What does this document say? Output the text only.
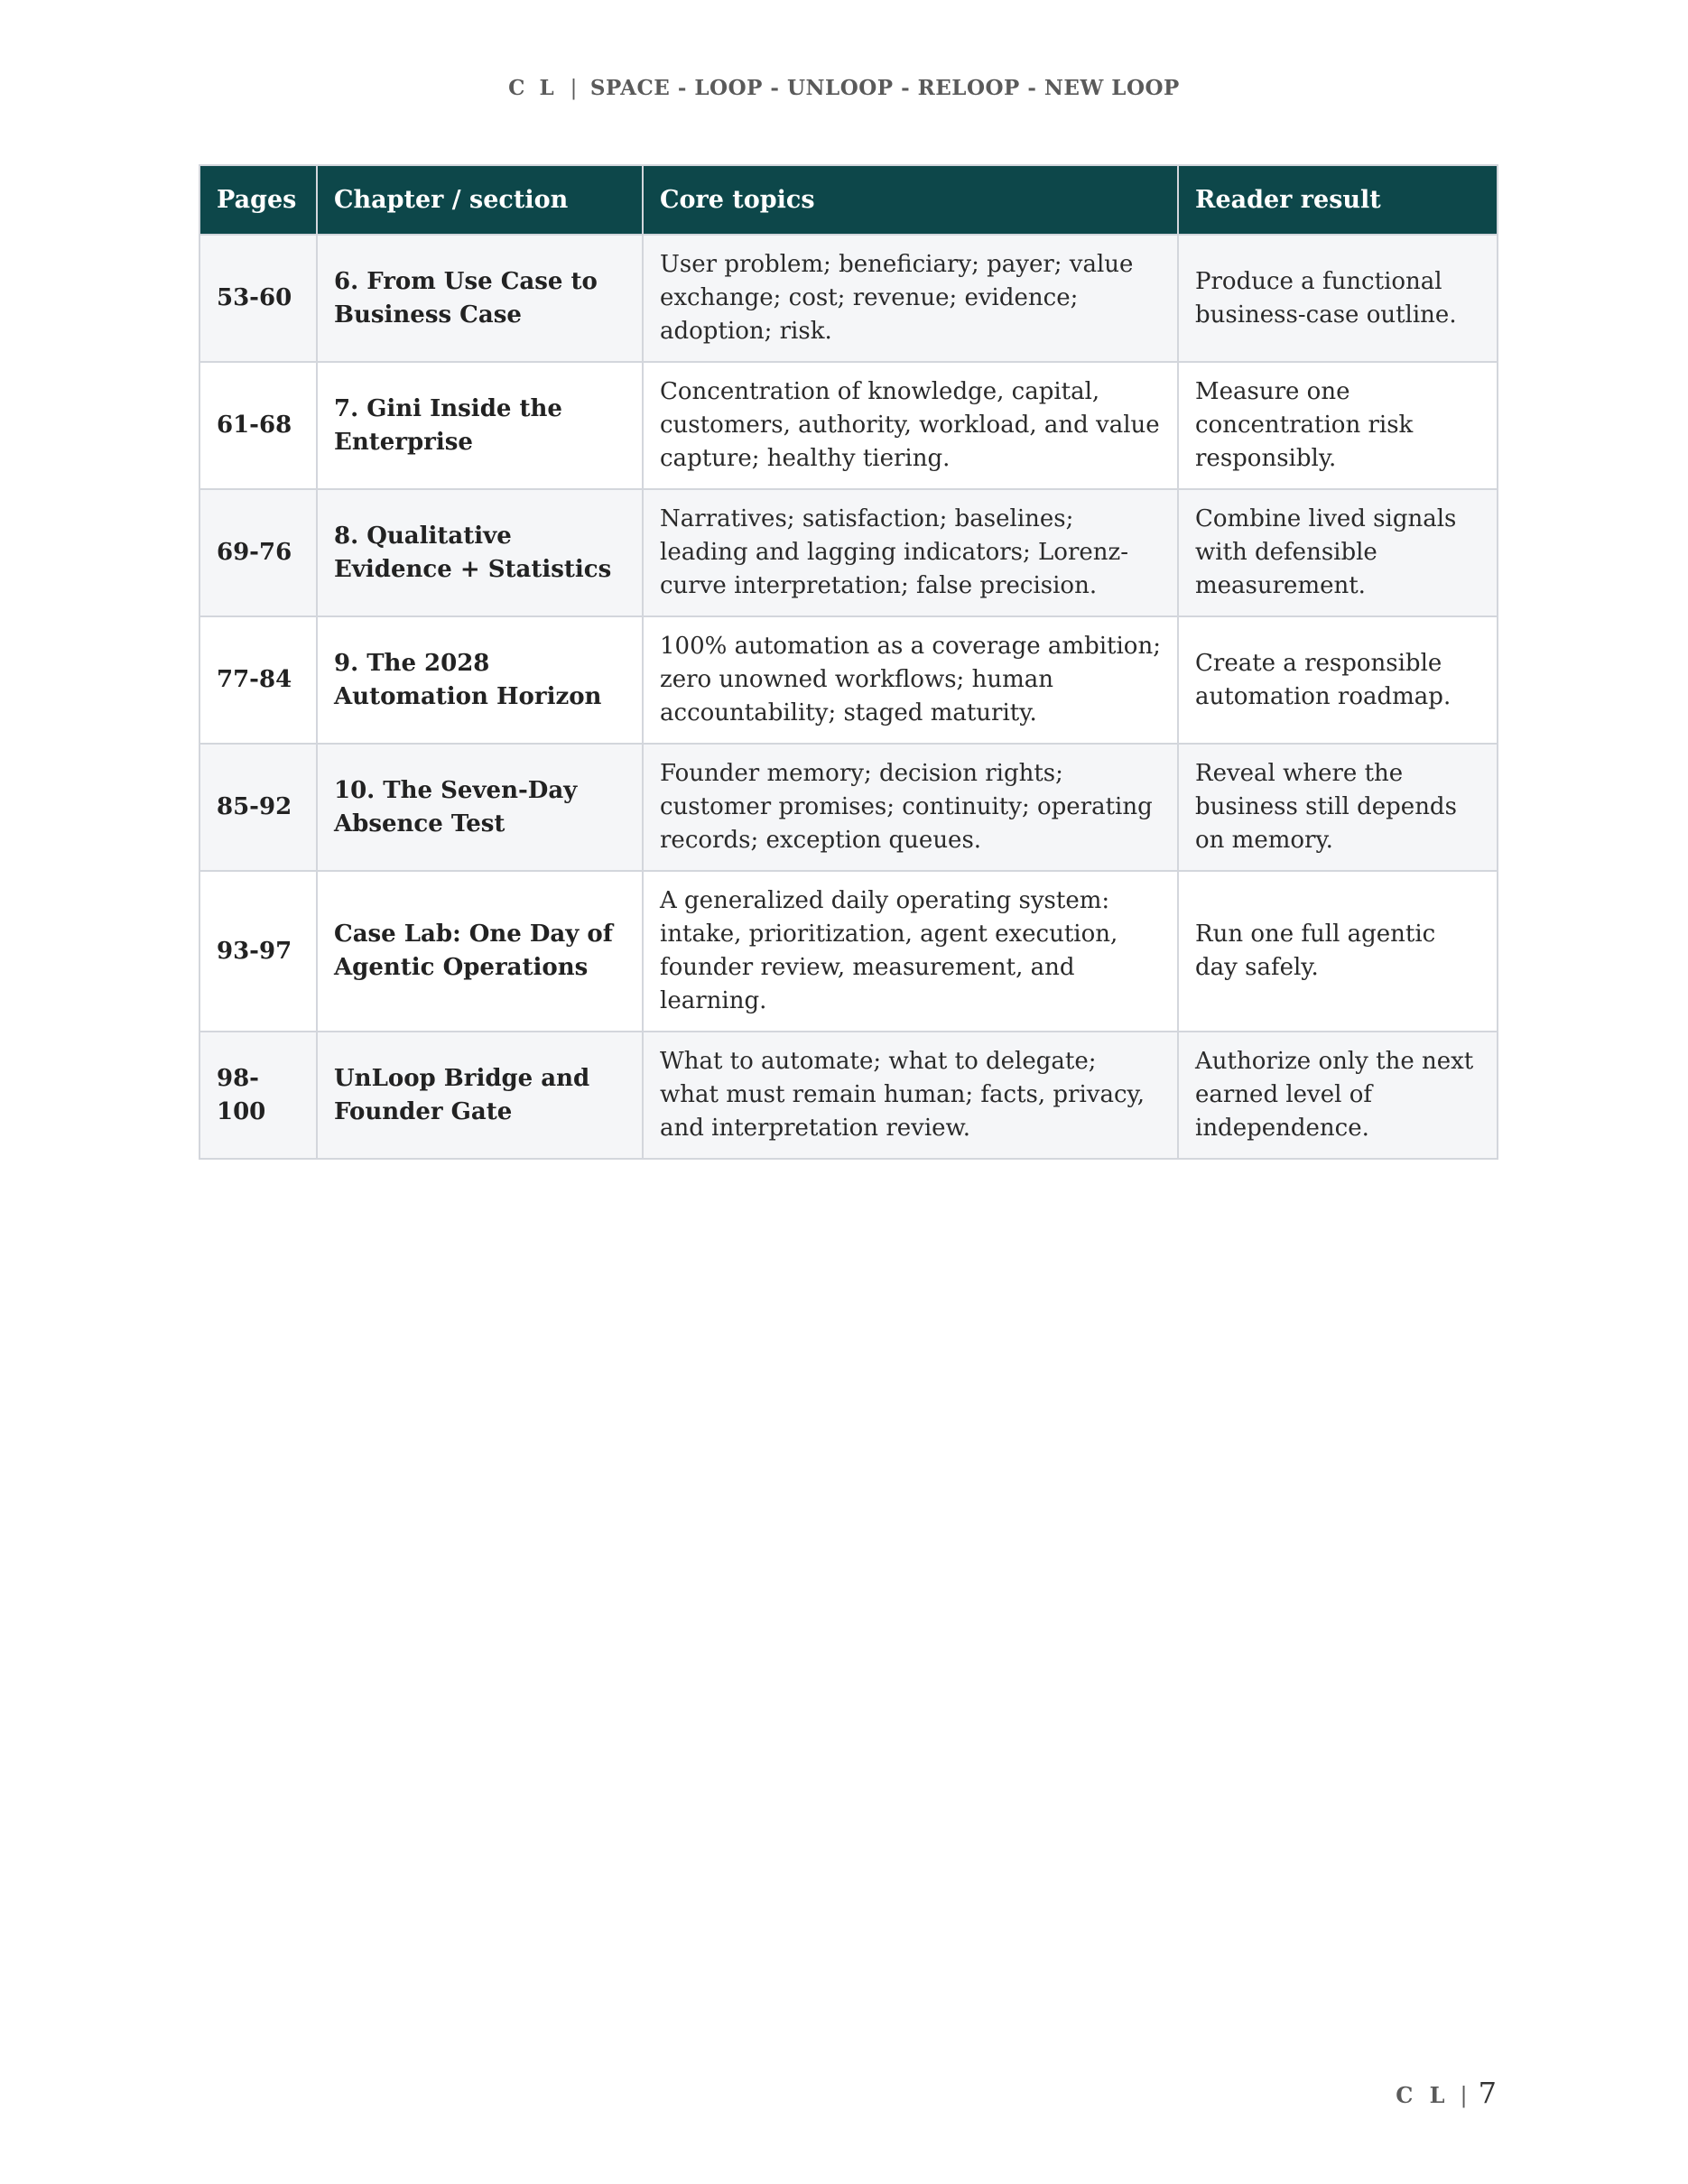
C L | SPACE - LOOP - UNLOOP - RELOOP - NEW LOOP
Pages	Chapter / section	Core topics	Reader result
53-60	6. From Use Case to Business Case	User problem; beneficiary; payer; value exchange; cost; revenue; evidence; adoption; risk.	Produce a functional business-case outline.
61-68	7. Gini Inside the Enterprise	Concentration of knowledge, capital, customers, authority, workload, and value capture; healthy tiering.	Measure one concentration risk responsibly.
69-76	8. Qualitative Evidence + Statistics	Narratives; satisfaction; baselines; leading and lagging indicators; Lorenz-curve interpretation; false precision.	Combine lived signals with defensible measurement.
77-84	9. The 2028 Automation Horizon	100% automation as a coverage ambition; zero unowned workflows; human accountability; staged maturity.	Create a responsible automation roadmap.
85-92	10. The Seven-Day Absence Test	Founder memory; decision rights; customer promises; continuity; operating records; exception queues.	Reveal where the business still depends on memory.
93-97	Case Lab: One Day of Agentic Operations	A generalized daily operating system: intake, prioritization, agent execution, founder review, measurement, and learning.	Run one full agentic day safely.
98-100	UnLoop Bridge and Founder Gate	What to automate; what to delegate; what must remain human; facts, privacy, and interpretation review.	Authorize only the next earned level of independence.
C L | 7
